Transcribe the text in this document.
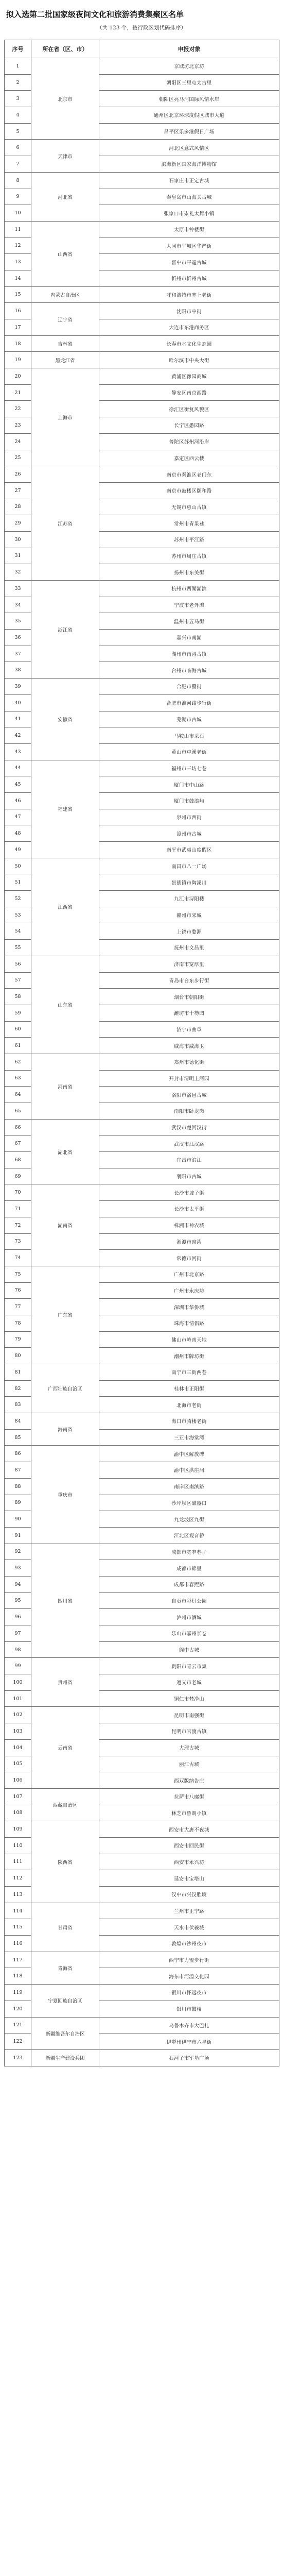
拟入选第二批国家级夜间文化和旅游消费集聚区名单
（共 123 个，按行政区划代码排序）
序号	所在省（区、市）	申报对象
1	北京市	京城坊北京坊
2		朝阳区三里屯太古里
3		朝阳区亮马河国际风情水岸
4		通州区北京环球度假区城市大道
5		昌平区乐多港假日广场
6	天津市	河北区意式风情区
7		滨海新区国家海洋博物馆
8	河北省	石家庄市正定古城
9		秦皇岛市山海关古城
10		张家口市崇礼太舞小镇
11	山西省	太原市钟楼街
12		大同市平城区华严街
13		晋中市平遥古城
14		忻州市忻州古城
15	内蒙古自治区	呼和浩特市塞上老街
16	辽宁省	沈阳市中街
17		大连市东港商务区
18	吉林省	长春市水文化生态园
19	黑龙江省	哈尔滨市中央大街
20	上海市	黄浦区豫园商城
21		静安区南京西路
22		徐汇区衡复风貌区
23		长宁区愚园路
24		普陀区苏州河沿岸
25		嘉定区西云楼
26	江苏省	南京市秦淮区老门东
27		南京市鼓楼区颐和路
28		无锡市惠山古镇
29		常州市青果巷
30		苏州市平江路
31		苏州市周庄古镇
32		扬州市东关街
33	浙江省	杭州市西湖湖滨
34		宁波市老外滩
35		温州市五马街
36		嘉兴市南湖
37		湖州市南浔古镇
38		台州市临海古城
39	安徽省	合肥市罍街
40		合肥市淮河路步行街
41		芜湖市古城
42		马鞍山市采石
43		黄山市屯溪老街
44	福建省	福州市三坊七巷
45		厦门市中山路
46		厦门市鼓浪屿
47		泉州市西街
48		漳州市古城
49		南平市武夷山度假区
50	江西省	南昌市八一广场
51		景德镇市陶溪川
52		九江市浔阳楼
53		赣州市宋城
54		上饶市婺源
55		抚州市文昌里
56	山东省	济南市宽厚里
57		青岛市台东步行街
58		烟台市朝阳街
59		潍坊市十笏园
60		济宁市曲阜
61		威海市威海卫
62	河南省	郑州市德化街
63		开封市清明上河园
64		洛阳市洛邑古城
65		南阳市卧龙岗
66	湖北省	武汉市楚河汉街
67		武汉市江汉路
68		宜昌市滨江
69		襄阳市古城
70	湖南省	长沙市坡子街
71		长沙市太平街
72		株洲市神农城
73		湘潭市窑湾
74		常德市河街
75	广东省	广州市北京路
76		广州市永庆坊
77		深圳市华侨城
78		珠海市情侣路
79		佛山市岭南天地
80		潮州市牌坊街
81	广西壮族自治区	南宁市三街两巷
82		桂林市正阳街
83		北海市老街
84	海南省	海口市骑楼老街
85		三亚市海棠湾
86	重庆市	渝中区解放碑
87		渝中区洪崖洞
88		南岸区南滨路
89		沙坪坝区磁器口
90		九龙坡区九街
91		江北区观音桥
92	四川省	成都市宽窄巷子
93		成都市锦里
94		成都市春熙路
95		自贡市彩灯公园
96		泸州市酒城
97		乐山市嘉州长卷
98		阆中古城
99	贵州省	贵阳市青云市集
100		遵义市老城
101		铜仁市梵净山
102	云南省	昆明市南强街
103		昆明市官渡古镇
104		大理古城
105		丽江古城
106		西双版纳告庄
107	西藏自治区	拉萨市八廓街
108		林芝市鲁朗小镇
109	陕西省	西安市大唐不夜城
110		西安市回民街
111		西安市永兴坊
112		延安市宝塔山
113		汉中市兴汉胜境
114	甘肃省	兰州市正宁路
115		天水市伏羲城
116		敦煌市沙州夜市
117	青海省	西宁市力盟步行街
118		海东市河湟文化园
119	宁夏回族自治区	银川市怀远夜市
120		银川市鼓楼
121	新疆维吾尔自治区	乌鲁木齐市大巴扎
122		伊犁州伊宁市六星街
123	新疆生产建设兵团	石河子市军垦广场
